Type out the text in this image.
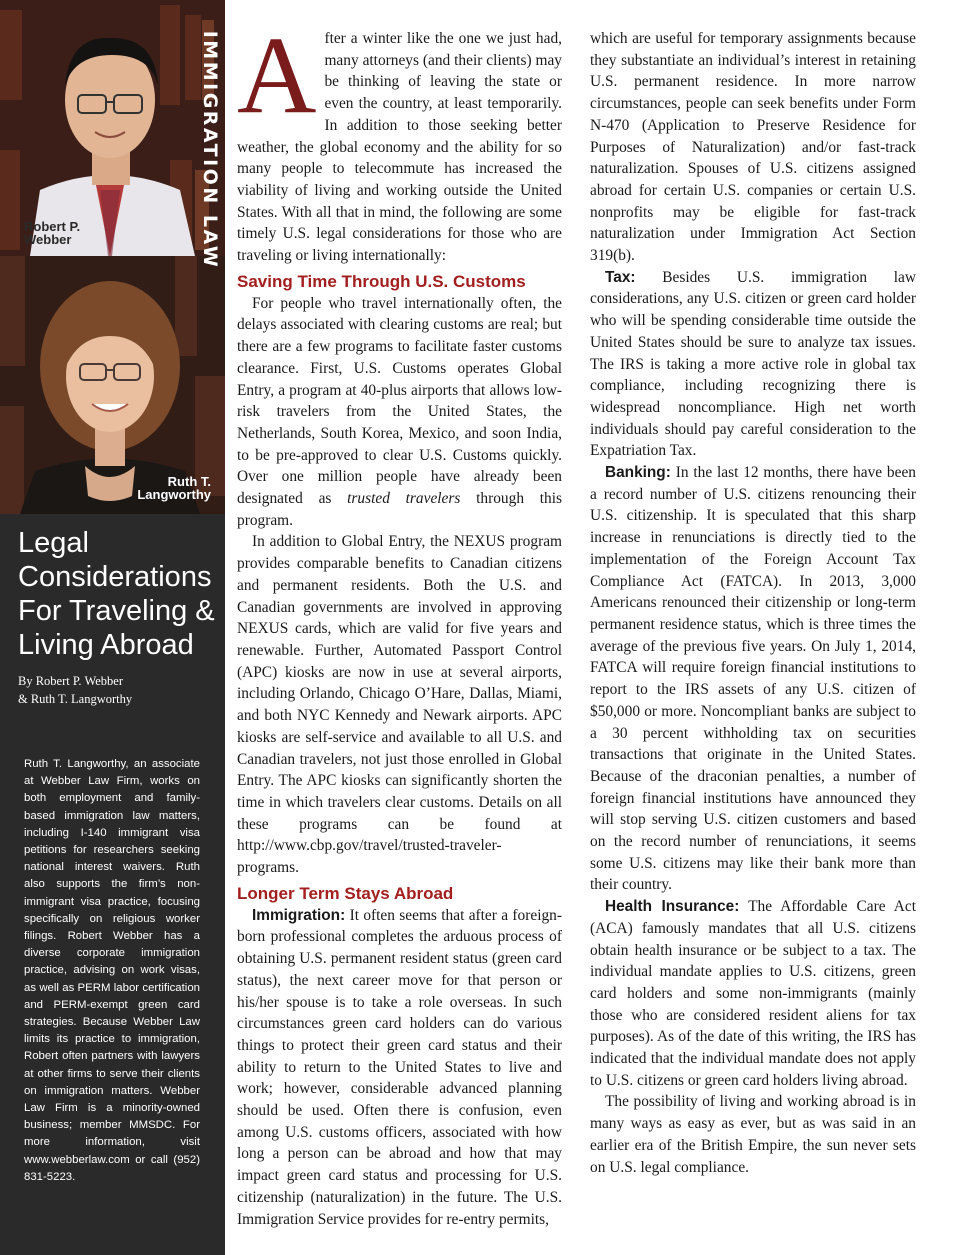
Robert P.
Webber
Ruth T.
Langworthy
Legal
Considerations
For Traveling &
Living Abroad
By Robert P. Webber
& Ruth T. Langworthy
Ruth T. Langworthy, an associate at Webber Law Firm, works on both employment and family-based immigration law matters, including I-140 immigrant visa petitions for researchers seeking national interest waivers. Ruth also supports the firm’s non-immigrant visa practice, focusing specifically on religious worker filings. Robert Webber has a diverse corporate immigration practice, advising on work visas, as well as PERM labor certification and PERM-exempt green card strategies. Because Webber Law limits its practice to immigration, Robert often partners with lawyers at other firms to serve their clients on immigration matters. Webber Law Firm is a minority-owned business; member MMSDC. For more information, visit www.webberlaw.com or call (952) 831-5223.
IMMIGRATION LAW After a winter like the one we just had, many attorneys (and their clients) may be thinking of leaving the state or even the country, at least temporarily. In addition to those seeking better weather, the global economy and the ability for so many people to telecommute has increased the viability of living and working outside the United States. With all that in mind, the following are some timely U.S. legal considerations for those who are traveling or living internationally:

Saving Time Through U.S. Customs

For people who travel internationally often, the delays associated with clearing customs are real; but there are a few programs to facilitate faster customs clearance. First, U.S. Customs operates Global Entry, a program at 40-plus airports that allows low-risk travelers from the United States, the Netherlands, South Korea, Mexico, and soon India, to be pre-approved to clear U.S. Customs quickly. Over one million people have already been designated as trusted travelers through this program.

In addition to Global Entry, the NEXUS program provides comparable benefits to Canadian citizens and permanent residents. Both the U.S. and Canadian governments are involved in approving NEXUS cards, which are valid for five years and renewable. Further, Automated Passport Control (APC) kiosks are now in use at several airports, including Orlando, Chicago O’Hare, Dallas, Miami, and both NYC Kennedy and Newark airports. APC kiosks are self-service and available to all U.S. and Canadian travelers, not just those enrolled in Global Entry. The APC kiosks can significantly shorten the time in which travelers clear customs. Details on all these programs can be found at http://www.cbp.gov/travel/trusted-traveler-programs.

Longer Term Stays Abroad

Immigration: It often seems that after a foreign-born professional completes the arduous process of obtaining U.S. permanent resident status (green card status), the next career move for that person or his/her spouse is to take a role overseas. In such circumstances green card holders can do various things to protect their green card status and their ability to return to the United States to live and work; however, considerable advanced planning should be used. Often there is confusion, even among U.S. customs officers, associated with how long a person can be abroad and how that may impact green card status and processing for U.S. citizenship (naturalization) in the future. The U.S. Immigration Service provides for re-entry permits,

which are useful for temporary assignments because they substantiate an individual’s interest in retaining U.S. permanent residence. In more narrow circumstances, people can seek benefits under Form N-470 (Application to Preserve Residence for Purposes of Naturalization) and/or fast-track naturalization. Spouses of U.S. citizens assigned abroad for certain U.S. companies or certain U.S. nonprofits may be eligible for fast-track naturalization under Immigration Act Section 319(b).

Tax: Besides U.S. immigration law considerations, any U.S. citizen or green card holder who will be spending considerable time outside the United States should be sure to analyze tax issues. The IRS is taking a more active role in global tax compliance, including recognizing there is widespread noncompliance. High net worth individuals should pay careful consideration to the Expatriation Tax.

Banking: In the last 12 months, there have been a record number of U.S. citizens renouncing their U.S. citizenship. It is speculated that this sharp increase in renunciations is directly tied to the implementation of the Foreign Account Tax Compliance Act (FATCA). In 2013, 3,000 Americans renounced their citizenship or long-term permanent residence status, which is three times the average of the previous five years. On July 1, 2014, FATCA will require foreign financial institutions to report to the IRS assets of any U.S. citizen of $50,000 or more. Noncompliant banks are subject to a 30 percent withholding tax on securities transactions that originate in the United States. Because of the draconian penalties, a number of foreign financial institutions have announced they will stop serving U.S. citizen customers and based on the record number of renunciations, it seems some U.S. citizens may like their bank more than their country.

Health Insurance: The Affordable Care Act (ACA) famously mandates that all U.S. citizens obtain health insurance or be subject to a tax. The individual mandate applies to U.S. citizens, green card holders and some non-immigrants (mainly those who are considered resident aliens for tax purposes). As of the date of this writing, the IRS has indicated that the individual mandate does not apply to U.S. citizens or green card holders living abroad.

The possibility of living and working abroad is in many ways as easy as ever, but as was said in an earlier era of the British Empire, the sun never sets on U.S. legal compliance.
